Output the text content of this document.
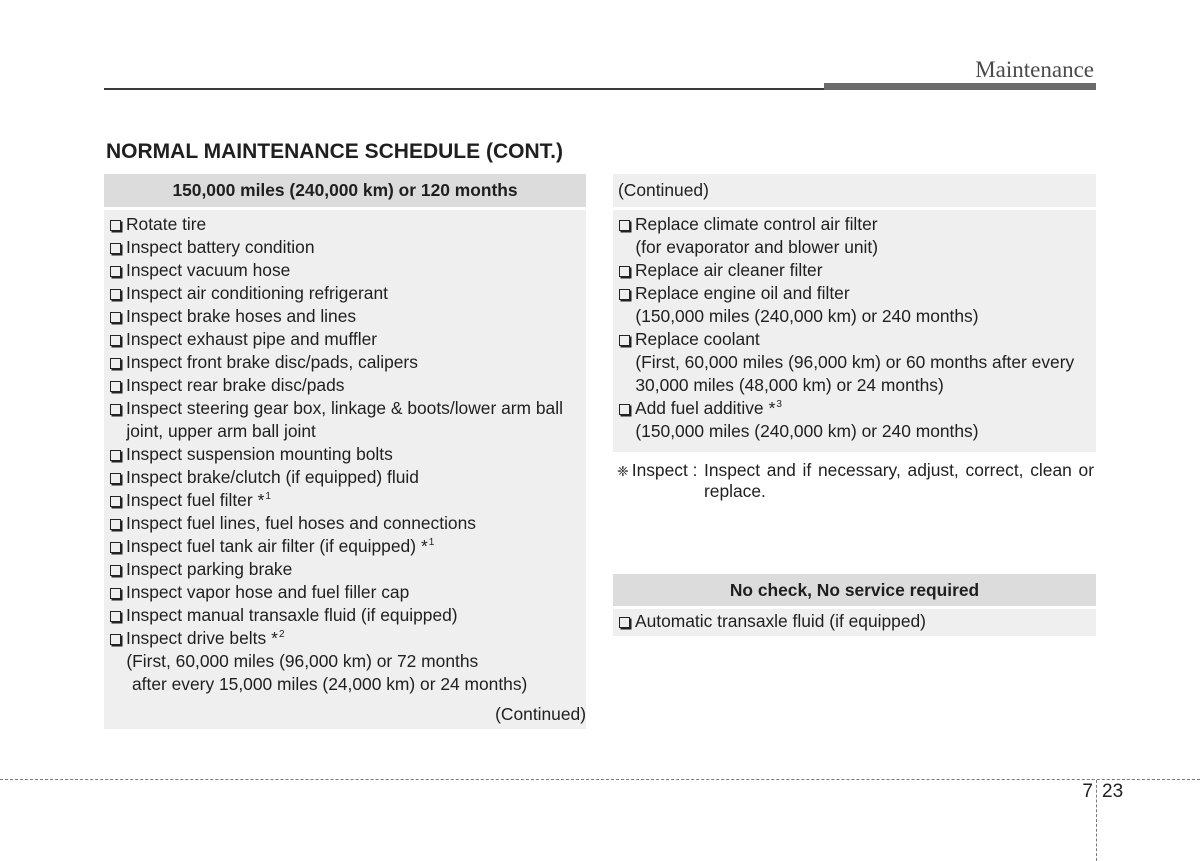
Maintenance
NORMAL MAINTENANCE SCHEDULE (CONT.)
150,000 miles (240,000 km) or 120 months
Rotate tire
Inspect battery condition
Inspect vacuum hose
Inspect air conditioning refrigerant
Inspect brake hoses and lines
Inspect exhaust pipe and muffler
Inspect front brake disc/pads, calipers
Inspect rear brake disc/pads
Inspect steering gear box, linkage & boots/lower arm ball
joint, upper arm ball joint
Inspect suspension mounting bolts
Inspect brake/clutch (if equipped) fluid
Inspect fuel filter *$^1$
Inspect fuel lines, fuel hoses and connections
Inspect fuel tank air filter (if equipped) *$^1$
Inspect parking brake
Inspect vapor hose and fuel filler cap
Inspect manual transaxle fluid (if equipped)
Inspect drive belts *$^2$
(First, 60,000 miles (96,000 km) or 72 months
after every 15,000 miles (24,000 km) or 24 months)
(Continued)
(Continued)
Replace climate control air filter
(for evaporator and blower unit)
Replace air cleaner filter
Replace engine oil and filter
(150,000 miles (240,000 km) or 240 months)
Replace coolant
(First, 60,000 miles (96,000 km) or 60 months after every
30,000 miles (48,000 km) or 24 months)
Add fuel additive *$^3$
(150,000 miles (240,000 km) or 240 months)
❈ Inspect : Inspect and if necessary, adjust, correct, clean or replace.
No check, No service required
Automatic transaxle fluid (if equipped)
7 23
